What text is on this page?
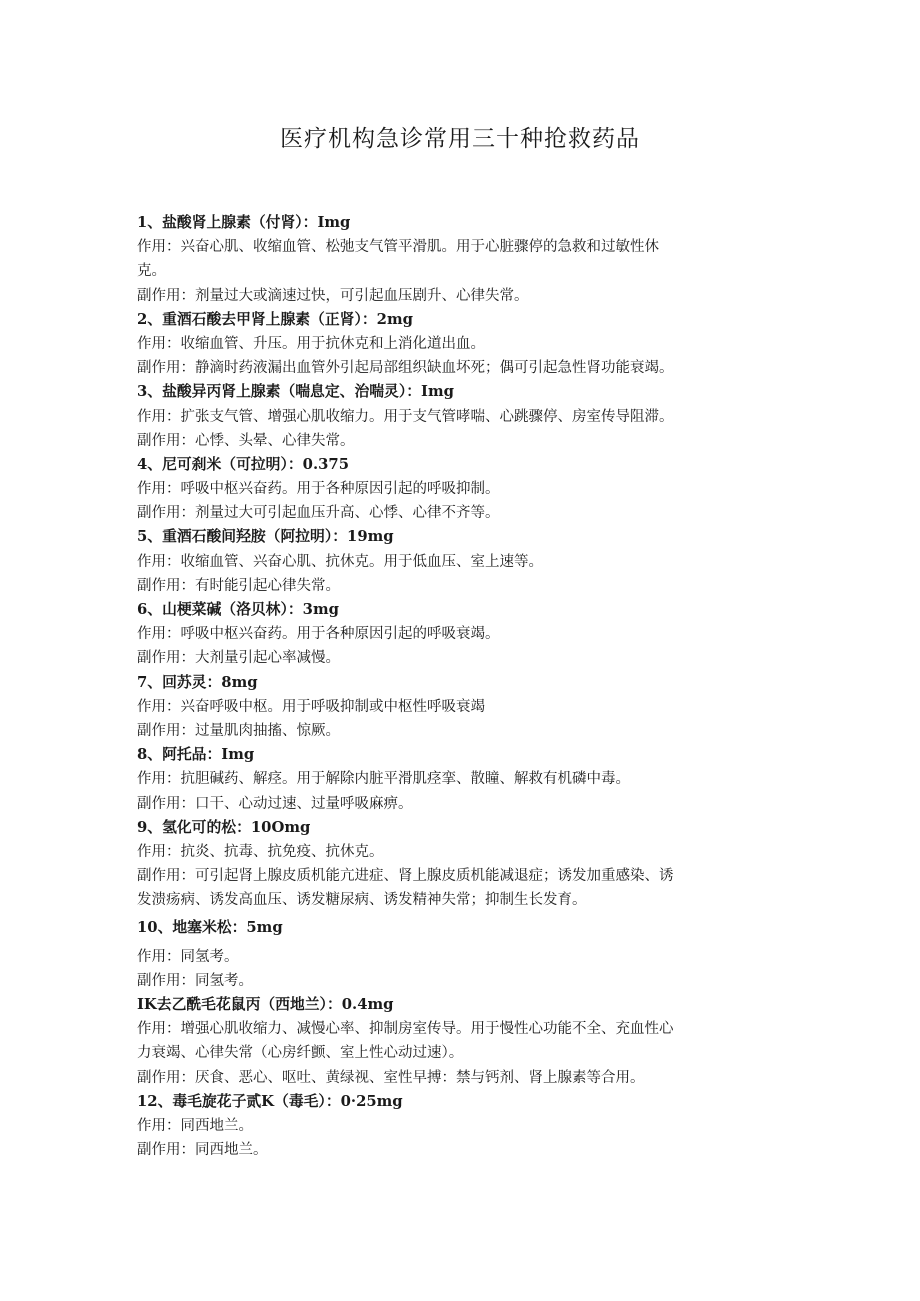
医疗机构急诊常用三十种抢救药品
1、盐酸肾上腺素（付肾）：Img
作用：兴奋心肌、收缩血管、松弛支气管平滑肌。用于心脏骤停的急救和过敏性休
克。
副作用：剂量过大或滴速过快，可引起血压剧升、心律失常。
2、重酒石酸去甲肾上腺素（正肾）：2mg
作用：收缩血管、升压。用于抗休克和上消化道出血。
副作用：静滴时药液漏出血管外引起局部组织缺血坏死；偶可引起急性肾功能衰竭。
3、盐酸异丙肾上腺素（喘息定、治喘灵）：Img
作用：扩张支气管、增强心肌收缩力。用于支气管哮喘、心跳骤停、房室传导阻滞。
副作用：心悸、头晕、心律失常。
4、尼可刹米（可拉明）：0.375
作用：呼吸中枢兴奋药。用于各种原因引起的呼吸抑制。
副作用：剂量过大可引起血压升高、心悸、心律不齐等。
5、重酒石酸间羟胺（阿拉明）：19mg
作用：收缩血管、兴奋心肌、抗休克。用于低血压、室上速等。
副作用：有时能引起心律失常。
6、山梗菜碱（洛贝林）：3mg
作用：呼吸中枢兴奋药。用于各种原因引起的呼吸衰竭。
副作用：大剂量引起心率减慢。
7、回苏灵：8mg
作用：兴奋呼吸中枢。用于呼吸抑制或中枢性呼吸衰竭
副作用：过量肌肉抽搐、惊厥。
8、阿托品：Img
作用：抗胆碱药、解痉。用于解除内脏平滑肌痉挛、散瞳、解救有机磷中毒。
副作用：口干、心动过速、过量呼吸麻痹。
9、氢化可的松：10Omg
作用：抗炎、抗毒、抗免疫、抗休克。
副作用：可引起肾上腺皮质机能亢进症、肾上腺皮质机能减退症；诱发加重感染、诱
发溃疡病、诱发高血压、诱发糖尿病、诱发精神失常；抑制生长发育。
10、地塞米松：5mg
作用：同氢考。
副作用：同氢考。
IK去乙酰毛花鼠丙（西地兰）：0.4mg
作用：增强心肌收缩力、减慢心率、抑制房室传导。用于慢性心功能不全、充血性心
力衰竭、心律失常（心房纤颤、室上性心动过速）。
副作用：厌食、恶心、呕吐、黄绿视、室性早搏：禁与钙剂、肾上腺素等合用。
12、毒毛旋花子贰K（毒毛）：0·25mg
作用：同西地兰。
副作用：同西地兰。
